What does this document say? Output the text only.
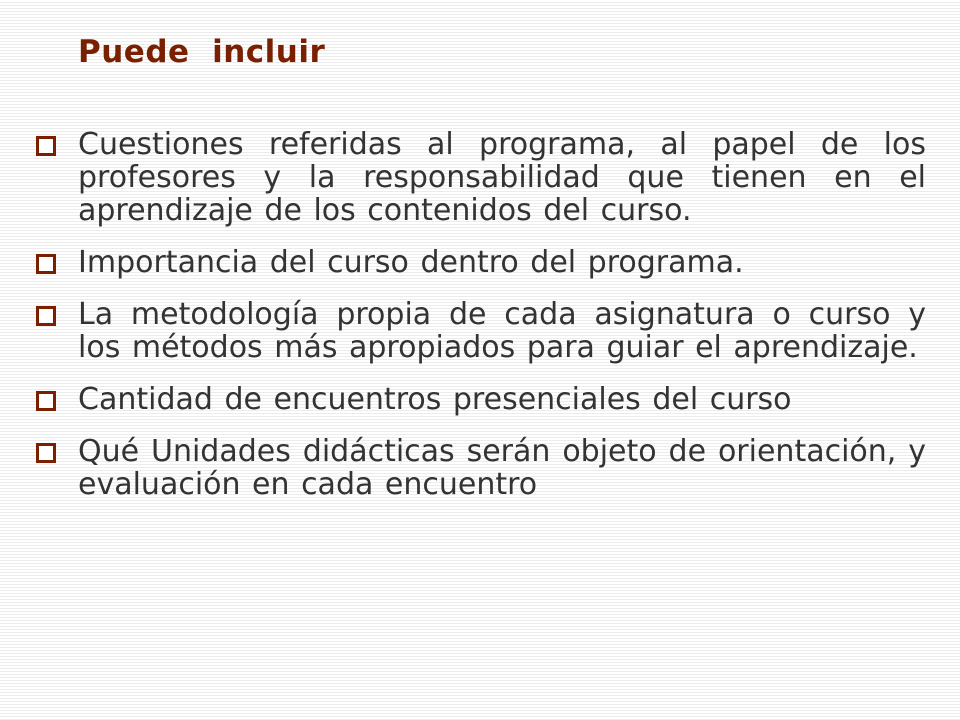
Puede  incluir
Cuestiones referidas al programa, al papel de los profesores y la responsabilidad que tienen en el aprendizaje de los contenidos del curso.
Importancia del curso dentro del programa.
La metodología propia de cada asignatura o curso y los métodos más apropiados para guiar el aprendizaje.
Cantidad de encuentros presenciales del curso
Qué Unidades didácticas serán objeto de orientación, y evaluación en cada encuentro
